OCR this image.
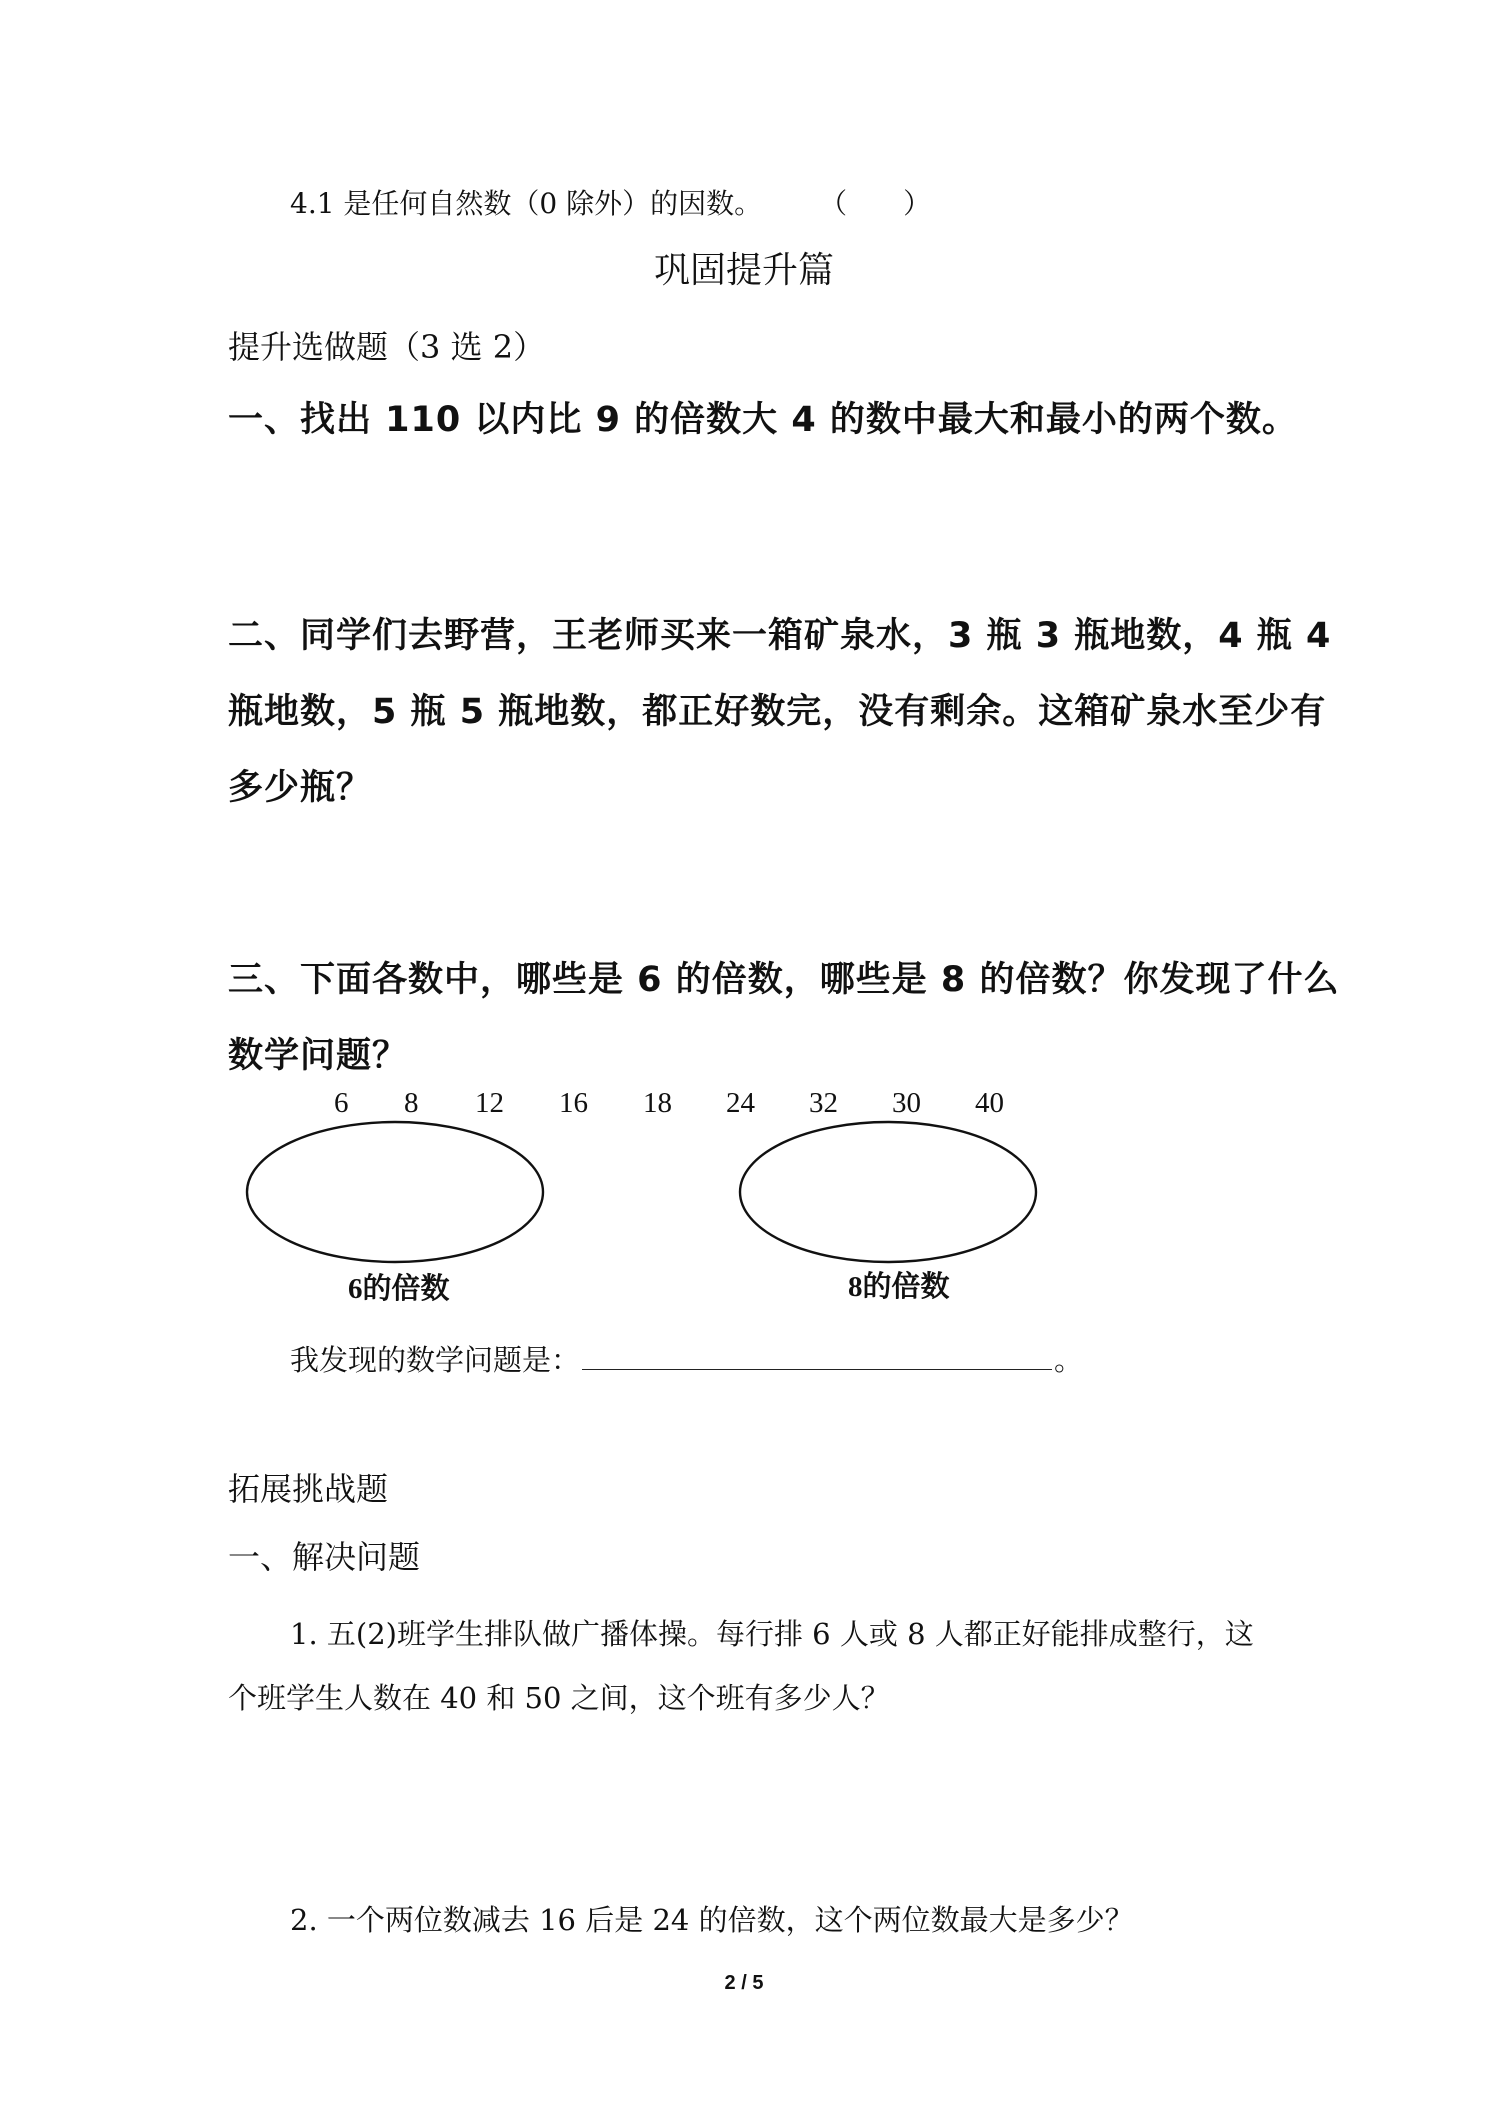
4.1 是任何自然数（0 除外）的因数。 （　　）
巩固提升篇
提升选做题（3 选 2）
一、找出 110 以内比 9 的倍数大 4 的数中最大和最小的两个数。
二、同学们去野营，王老师买来一箱矿泉水，3 瓶 3 瓶地数，4 瓶 4
瓶地数，5 瓶 5 瓶地数，都正好数完，没有剩余。这箱矿泉水至少有
多少瓶？
三、下面各数中，哪些是 6 的倍数，哪些是 8 的倍数？你发现了什么
数学问题？
6 8 12 16 18 24 32 30 40
6的倍数	8的倍数
我发现的数学问题是：	。
拓展挑战题
一、解决问题
1. 五(2)班学生排队做广播体操。每行排 6 人或 8 人都正好能排成整行，这
个班学生人数在 40 和 50 之间，这个班有多少人？
2. 一个两位数减去 16 后是 24 的倍数，这个两位数最大是多少？
2 / 5
